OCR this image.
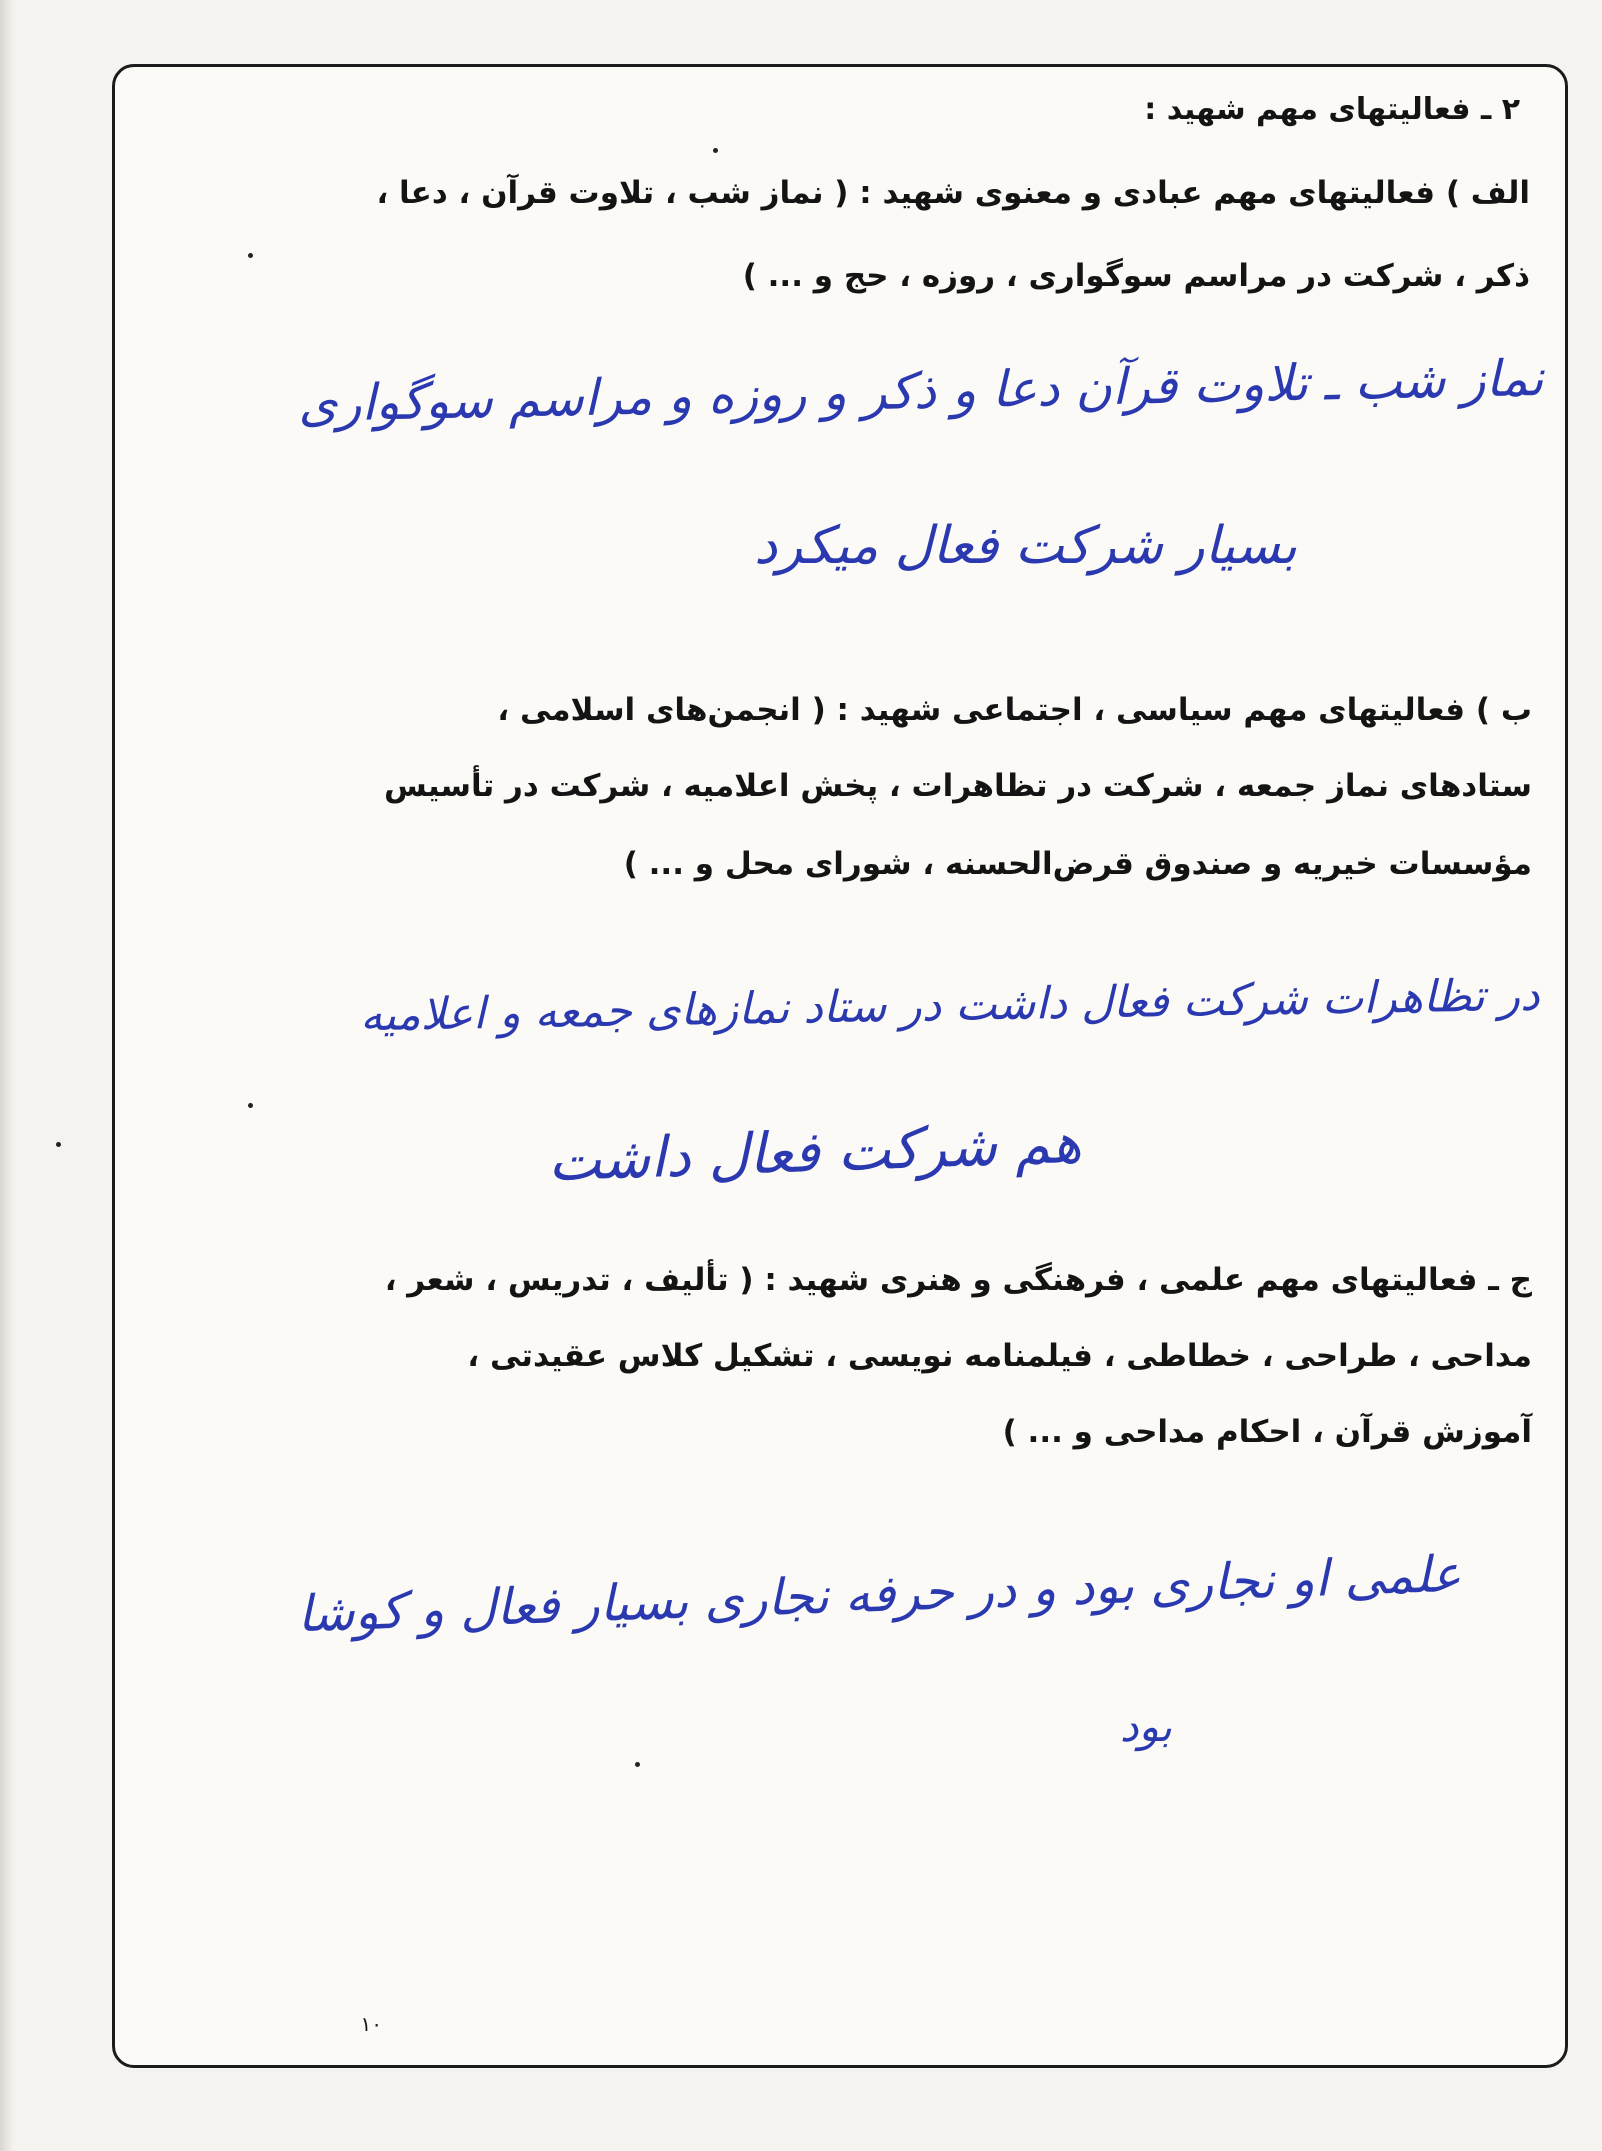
۲ ـ فعالیتهای مهم شهید :
الف ) فعالیتهای مهم عبادی و معنوی شهید : ( نماز شب ، تلاوت قرآن ، دعا ،
ذکر ، شرکت در مراسم سوگواری ، روزه ، حج و ... )
نماز شب ـ تلاوت قرآن دعا و ذکر و روزه و مراسم سوگواری
بسیار شرکت فعال میکرد
ب ) فعالیتهای مهم سیاسی ، اجتماعی شهید : ( انجمن‌های اسلامی ،
ستادهای نماز جمعه ، شرکت در تظاهرات ، پخش اعلامیه ، شرکت در تأسیس
مؤسسات خیریه و صندوق قرض‌الحسنه ، شورای محل و ... )
در تظاهرات شرکت فعال داشت در ستاد نمازهای جمعه و اعلامیه
هم شرکت فعال داشت
ج ـ فعالیتهای مهم علمی ، فرهنگی و هنری شهید : ( تألیف ، تدریس ، شعر ،
مداحی ، طراحی ، خطاطی ، فیلمنامه نویسی ، تشکیل کلاس عقیدتی ،
آموزش قرآن ، احکام مداحی و ... )
علمی او نجاری بود و در حرفه نجاری بسیار فعال و کوشا
بود
۱۰
